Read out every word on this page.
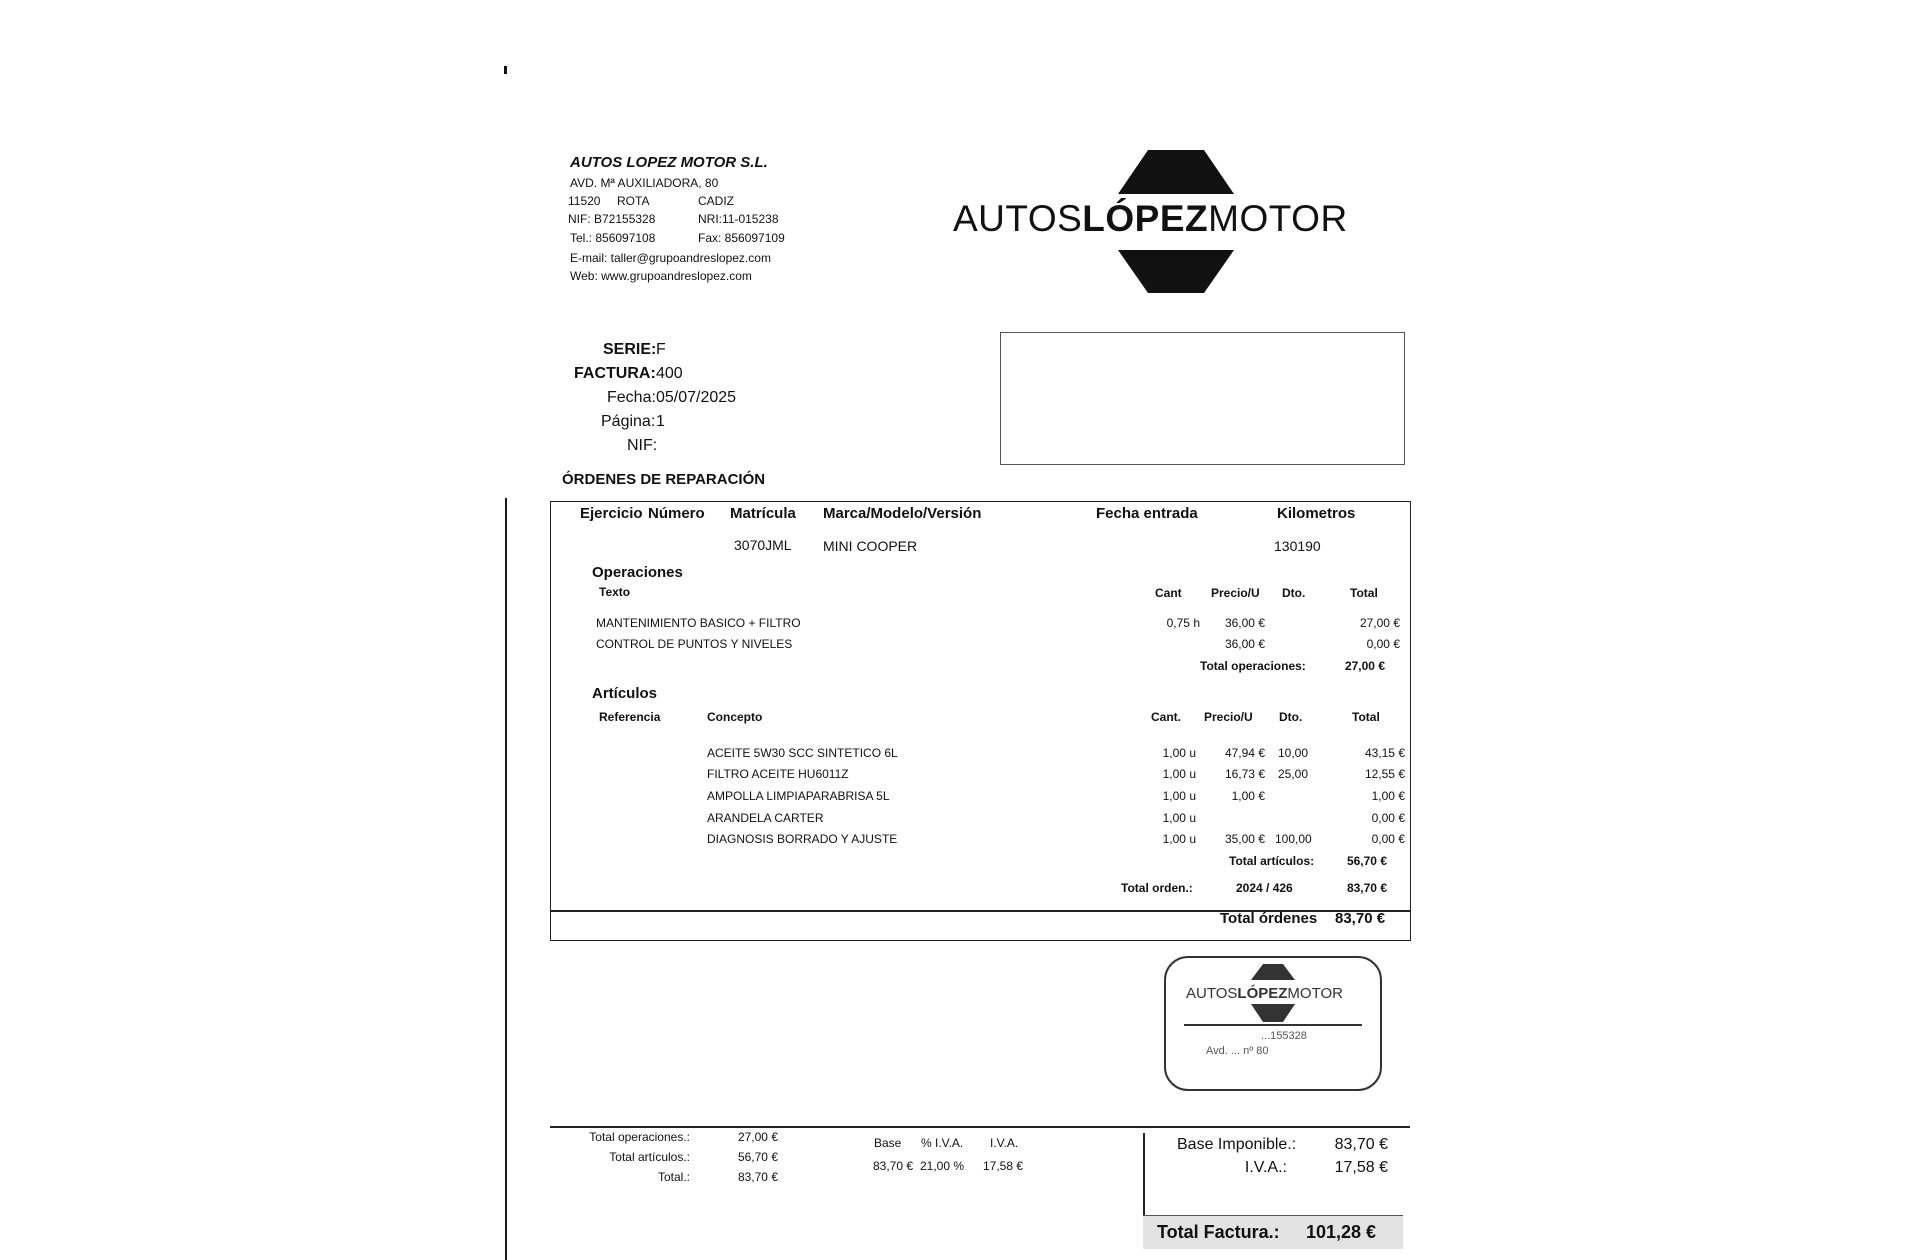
AUTOS LOPEZ MOTOR S.L.
AVD. Mª AUXILIADORA, 80
11520 ROTA	CADIZ
NIF: B72155328	NRI:11-015238
Tel.: 856097108	Fax: 856097109
E-mail: taller@grupoandreslopez.com
Web: www.grupoandreslopez.com
AUTOSLÓPEZMOTOR
SERIE: F
FACTURA: 400
Fecha: 05/07/2025
Página: 1
NIF:
ÓRDENES DE REPARACIÓN
Ejercicio Número Matrícula Marca/Modelo/Versión	Fecha entrada	Kilometros
3070JML MINI COOPER	130190
Operaciones
Texto	Cant Precio/U Dto.	Total
MANTENIMIENTO BASICO + FILTRO	0,75 h	36,00 €	27,00 €
CONTROL DE PUNTOS Y NIVELES	36,00 €	0,00 €
Total operaciones:	27,00 €
Artículos
Referencia	Concepto	Cant. Precio/U Dto.	Total
ACEITE 5W30 SCC SINTETICO 6L	1,00 u	47,94 € 10,00	43,15 €
FILTRO ACEITE HU6011Z	1,00 u	16,73 € 25,00	12,55 €
AMPOLLA LIMPIAPARABRISA 5L	1,00 u	1,00 €	1,00 €
ARANDELA CARTER	1,00 u	0,00 €
DIAGNOSIS BORRADO Y AJUSTE	1,00 u	35,00 € 100,00	0,00 €
Total artículos:	56,70 €
Total orden.:	2024 / 426	83,70 €
Total órdenes 83,70 €
AUTOSLÓPEZMOTOR
...155328
Avd. ... nº 80
Total operaciones.:	27,00 €
Total artículos.:	56,70 €
Total.:	83,70 €
Base % I.V.A. I.V.A.
83,70 € 21,00 % 17,58 €
Base Imponible.:	83,70 €
I.V.A.:	17,58 €
Total Factura.: 101,28 €
